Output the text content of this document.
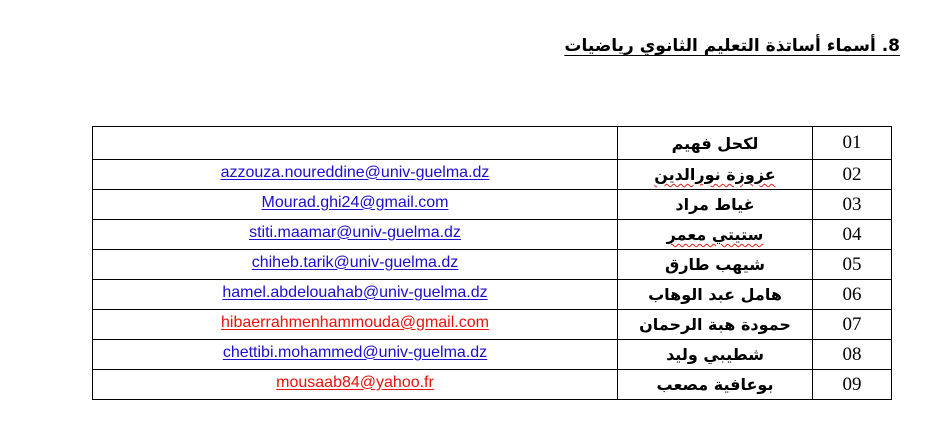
8. أسماء أساتذة التعليم الثانوي رياضيات
	لكحل فهيم	01
azzouza.noureddine@univ-guelma.dz	عزوزة نورالدين	02
Mourad.ghi24@gmail.com	غياط مراد	03
stiti.maamar@univ-guelma.dz	ستيتي معمر	04
chiheb.tarik@univ-guelma.dz	شيهب طارق	05
hamel.abdelouahab@univ-guelma.dz	هامل عبد الوهاب	06
hibaerrahmenhammouda@gmail.com	حمودة هبة الرحمان	07
chettibi.mohammed@univ-guelma.dz	شطيبي وليد	08
mousaab84@yahoo.fr	بوعافية مصعب	09
